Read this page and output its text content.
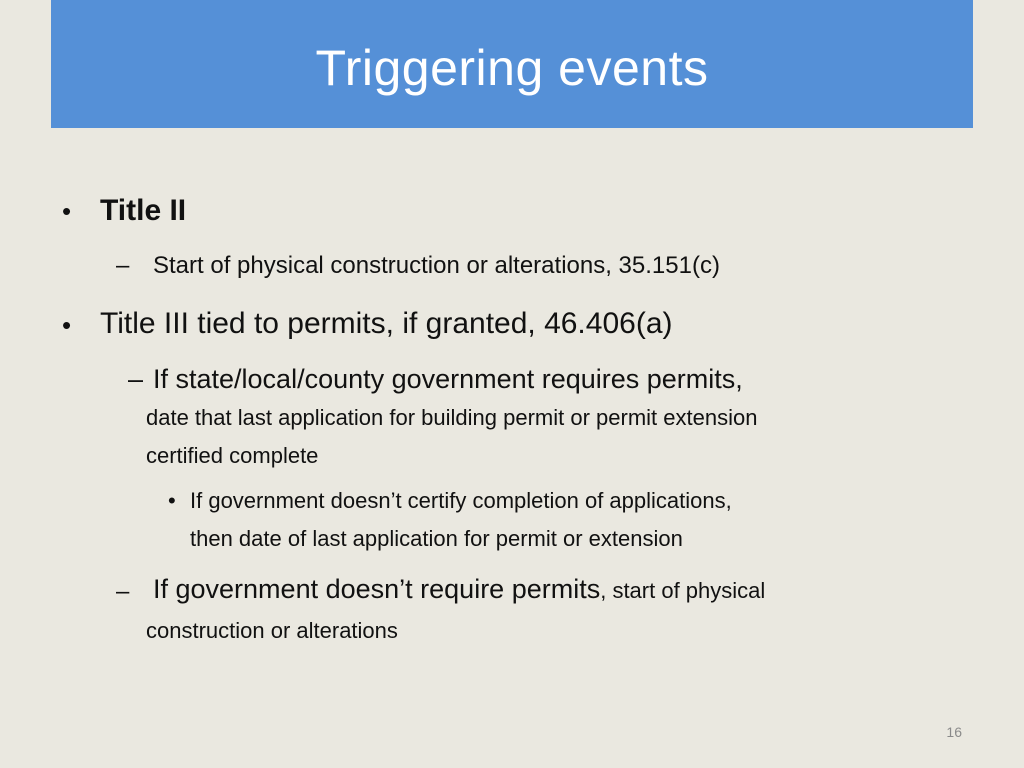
Triggering events
• Title II
– Start of physical construction or alterations, 35.151(c)
• Title III tied to permits, if granted, 46.406(a)
– If state/local/county government requires permits,
date that last application for building permit or permit extension
certified complete
• If government doesn’t certify completion of applications,
then date of last application for permit or extension
– If government doesn’t require permits, start of physical
construction or alterations
16
